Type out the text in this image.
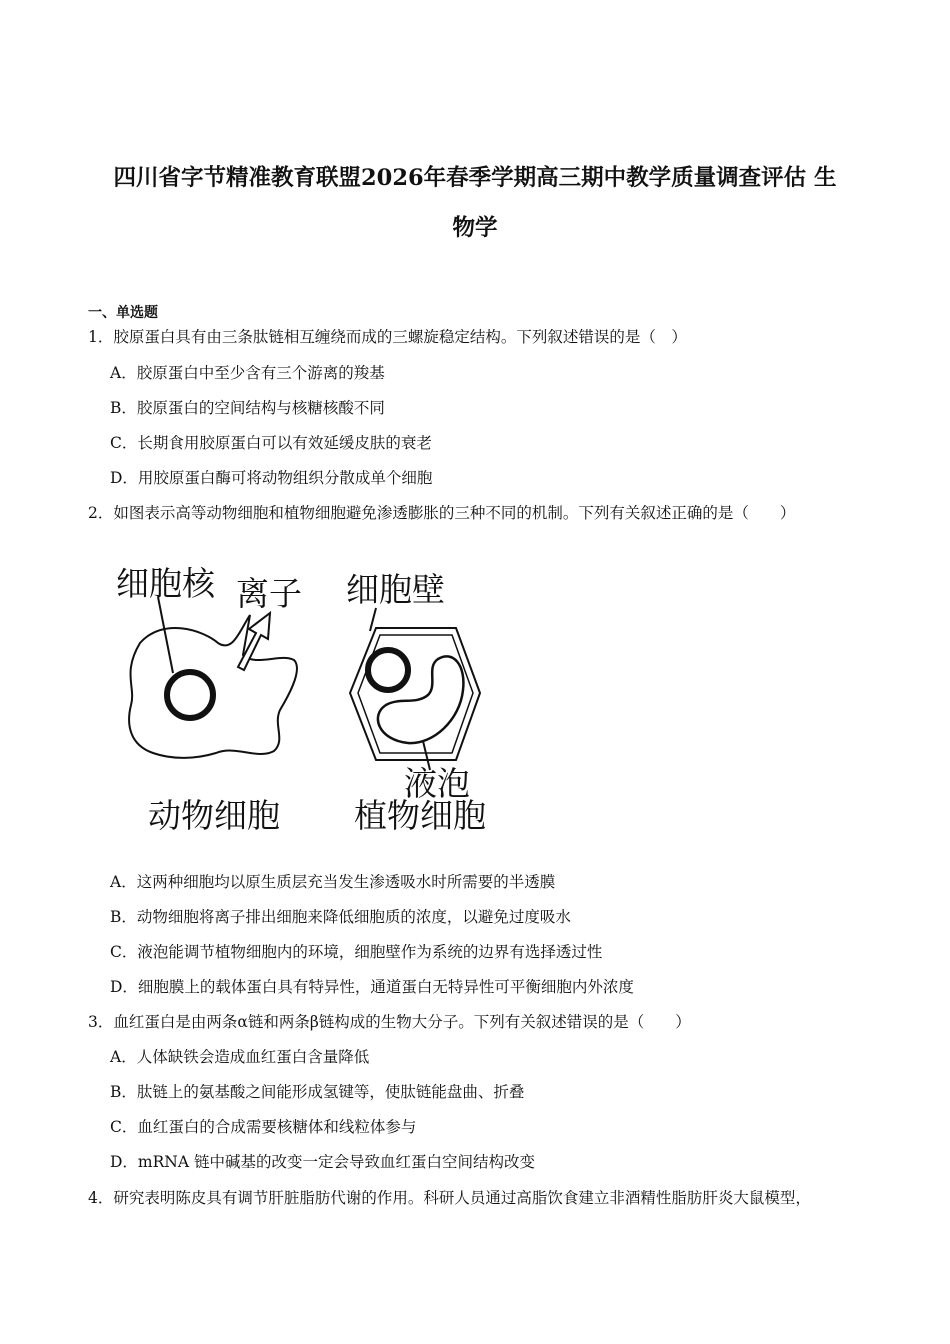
四川省字节精准教育联盟2026年春季学期高三期中教学质量调查评估 生
物学
一、单选题
1．胶原蛋白具有由三条肽链相互缠绕而成的三螺旋稳定结构。下列叙述错误的是（　）
A．胶原蛋白中至少含有三个游离的羧基
B．胶原蛋白的空间结构与核糖核酸不同
C．长期食用胶原蛋白可以有效延缓皮肤的衰老
D．用胶原蛋白酶可将动物组织分散成单个细胞
2．如图表示高等动物细胞和植物细胞避免渗透膨胀的三种不同的机制。下列有关叙述正确的是（　　）
细胞核 离子 细胞壁
液泡
动物细胞 植物细胞
A．这两种细胞均以原生质层充当发生渗透吸水时所需要的半透膜
B．动物细胞将离子排出细胞来降低细胞质的浓度，以避免过度吸水
C．液泡能调节植物细胞内的环境，细胞壁作为系统的边界有选择透过性
D．细胞膜上的载体蛋白具有特异性，通道蛋白无特异性可平衡细胞内外浓度
3．血红蛋白是由两条α链和两条β链构成的生物大分子。下列有关叙述错误的是（　　）
A．人体缺铁会造成血红蛋白含量降低
B．肽链上的氨基酸之间能形成氢键等，使肽链能盘曲、折叠
C．血红蛋白的合成需要核糖体和线粒体参与
D．mRNA 链中碱基的改变一定会导致血红蛋白空间结构改变
4．研究表明陈皮具有调节肝脏脂肪代谢的作用。科研人员通过高脂饮食建立非酒精性脂肪肝炎大鼠模型，
